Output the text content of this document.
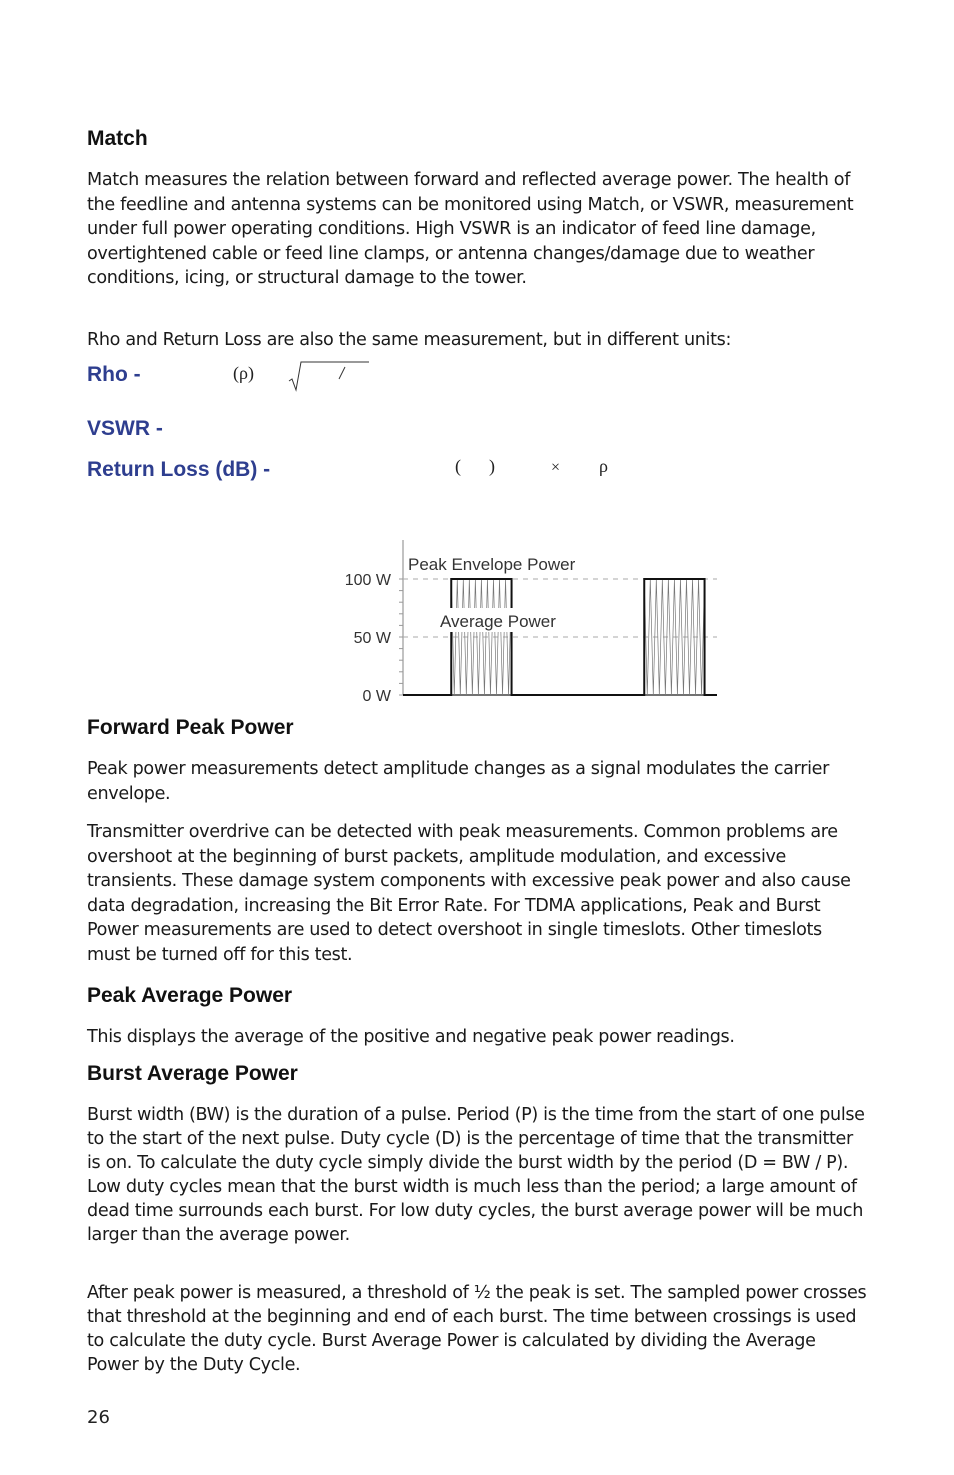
Match

Match measures the relation between forward and reflected average power. The health of the feedline and antenna systems can be monitored using Match, or VSWR, measurement under full power operating conditions. High VSWR is an indicator of feed line damage, overtightened cable or feed line clamps, or antenna changes/damage due to weather conditions, icing, or structural damage to the tower.

Rho and Return Loss are also the same measurement, but in different units:

Rho -	(ρ)
VSWR -
Return Loss (dB) -	( )	× ρ
100 W
50 W
0 W
Peak Envelope Power
Average Power
Forward Peak Power

Peak power measurements detect amplitude changes as a signal modulates the carrier envelope.

Transmitter overdrive can be detected with peak measurements. Common problems are overshoot at the beginning of burst packets, amplitude modulation, and excessive transients. These damage system components with excessive peak power and also cause data degradation, increasing the Bit Error Rate. For TDMA applications, Peak and Burst Power measurements are used to detect overshoot in single timeslots. Other timeslots must be turned off for this test.

Peak Average Power

This displays the average of the positive and negative peak power readings.

Burst Average Power

Burst width (BW) is the duration of a pulse. Period (P) is the time from the start of one pulse to the start of the next pulse. Duty cycle (D) is the percentage of time that the transmitter is on. To calculate the duty cycle simply divide the burst width by the period (D = BW / P). Low duty cycles mean that the burst width is much less than the period; a large amount of dead time surrounds each burst. For low duty cycles, the burst average power will be much larger than the average power.

After peak power is measured, a threshold of ½ the peak is set. The sampled power crosses that threshold at the beginning and end of each burst. The time between crossings is used to calculate the duty cycle. Burst Average Power is calculated by dividing the Average Power by the Duty Cycle.

26
